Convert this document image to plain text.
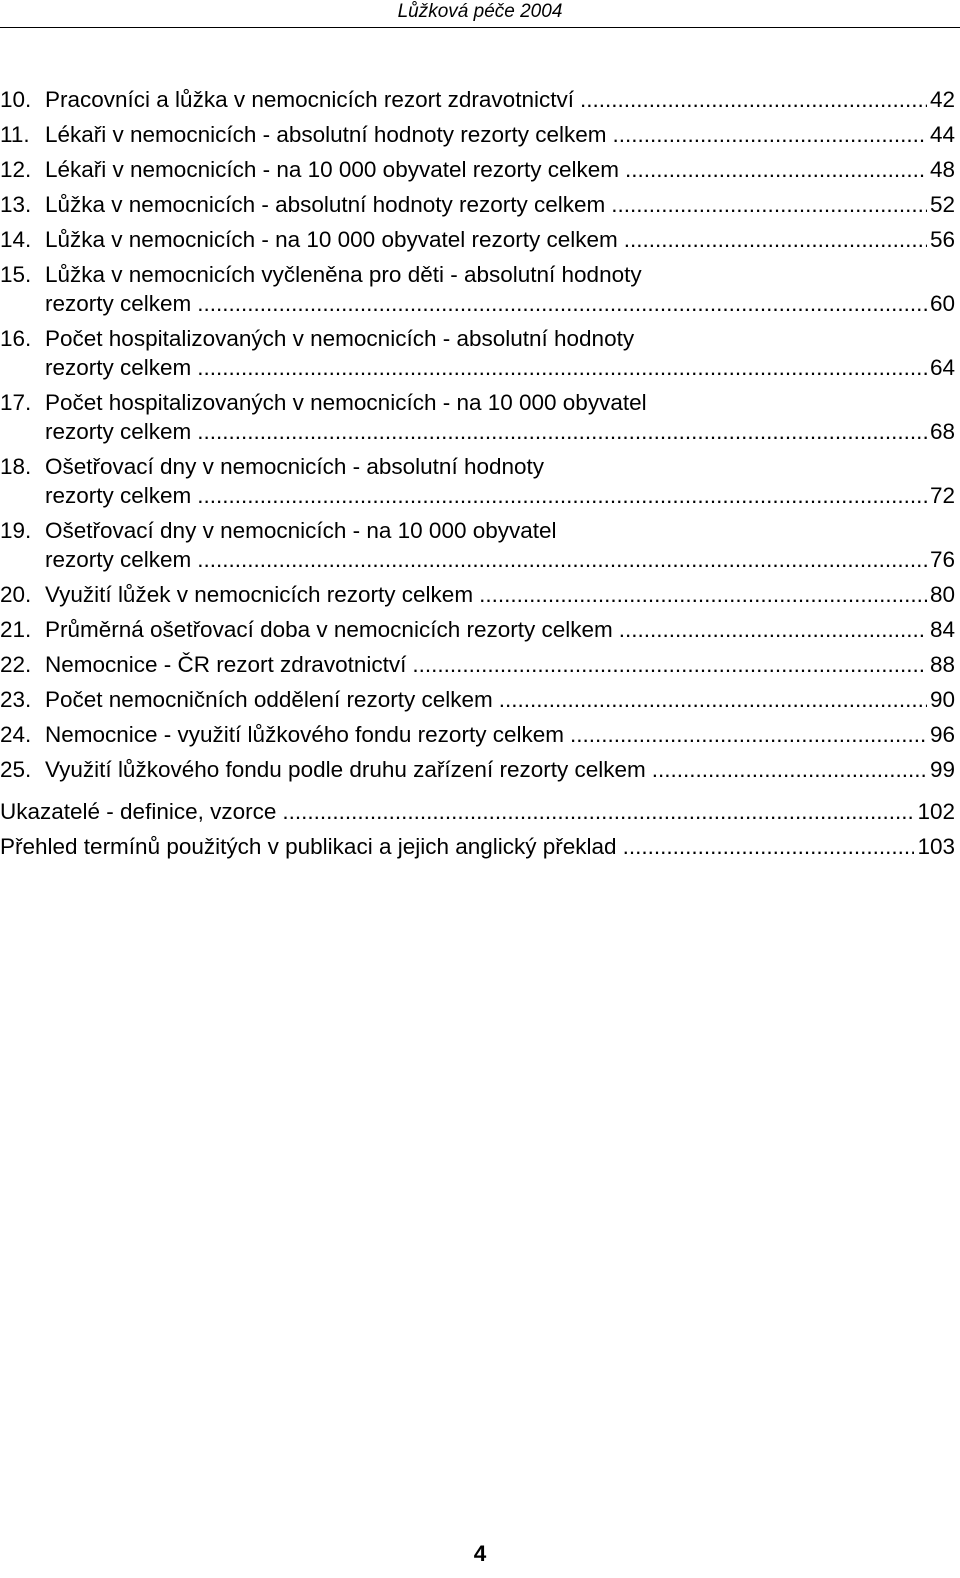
Lůžková péče 2004
10. Pracovníci a lůžka v nemocnicích rezort zdravotnictví .....	42
11. Lékaři v nemocnicích - absolutní hodnoty rezorty celkem .....	44
12. Lékaři v nemocnicích - na 10 000 obyvatel rezorty celkem .....	48
13. Lůžka v nemocnicích - absolutní hodnoty rezorty celkem .....	52
14. Lůžka v nemocnicích - na 10 000 obyvatel rezorty celkem .....	56
15. Lůžka v nemocnicích vyčleněna pro děti - absolutní hodnoty
rezorty celkem .....	60
16. Počet hospitalizovaných v nemocnicích - absolutní hodnoty
rezorty celkem .....	64
17. Počet hospitalizovaných v nemocnicích - na 10 000 obyvatel
rezorty celkem .....	68
18. Ošetřovací dny v nemocnicích - absolutní hodnoty
rezorty celkem .....	72
19. Ošetřovací dny v nemocnicích - na 10 000 obyvatel
rezorty celkem .....	76
20. Využití lůžek v nemocnicích rezorty celkem .....	80
21. Průměrná ošetřovací doba v nemocnicích rezorty celkem .....	84
22. Nemocnice - ČR rezort zdravotnictví .....	88
23. Počet nemocničních oddělení rezorty celkem .....	90
24. Nemocnice - využití lůžkového fondu rezorty celkem .....	96
25. Využití lůžkového fondu podle druhu zařízení rezorty celkem .....	99
Ukazatelé - definice, vzorce .....	102
Přehled termínů použitých v publikaci a jejich anglický překlad .....	103
4
